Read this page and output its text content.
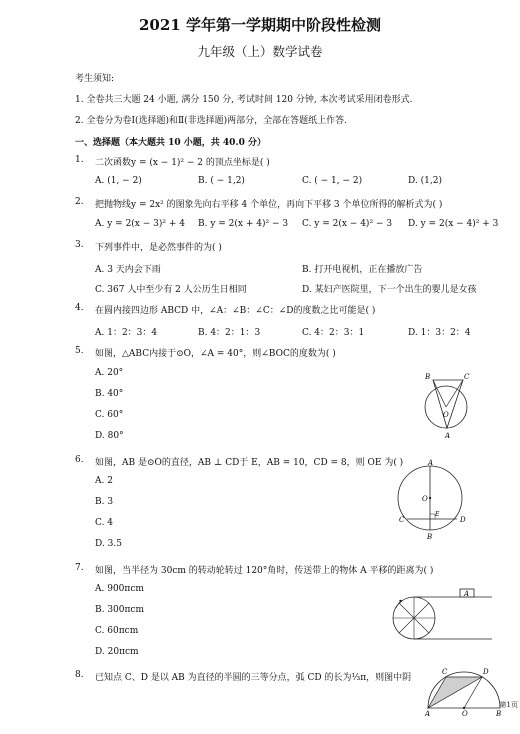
2021 学年第一学期期中阶段性检测
九年级（上）数学试卷
考生须知:
1. 全卷共三大题 24 小题, 满分 150 分, 考试时间 120 分钟, 本次考试采用闭卷形式.
2. 全卷分为卷Ⅰ(选择题)和Ⅱ(非选择题)两部分，全部在答题纸上作答.
一、选择题（本大题共 10 小题，共 40.0 分）
1. 二次函数y = (x − 1)² − 2 的顶点坐标是( )
A. (1, − 2)	B. ( − 1,2)	C. ( − 1, − 2)	D. (1,2)
2. 把抛物线y = 2x² 的图象先向右平移 4 个单位，再向下平移 3 个单位所得的解析式为( )
A. y = 2(x − 3)² + 4 B. y = 2(x + 4)² − 3 C. y = 2(x − 4)² − 3 D. y = 2(x − 4)² + 3
3. 下列事件中，是必然事件的为( )
A. 3 天内会下雨	B. 打开电视机，正在播放广告
C. 367 人中至少有 2 人公历生日相同	D. 某妇产医院里，下一个出生的婴儿是女孩
4. 在圆内接四边形 ABCD 中，∠A：∠B：∠C：∠D的度数之比可能是( )
A. 1：2：3：4	B. 4：2：1：3	C. 4：2：3：1	D. 1：3：2：4
5. 如图，△ABC内接于⊙O，∠A = 40°，则∠BOC的度数为( )
A. 20°
B. 40°
C. 60°
D. 80°
B	C
O
A
6. 如图，AB 是⊙O的直径，AB ⊥ CD于 E，AB = 10，CD = 8，则 OE 为( )
A. 2
B. 3
C. 4
D. 3.5
A
O
C
E
D
B
7. 如图，当半径为 30cm 的转动轮转过 120°角时，传送带上的物体 A 平移的距离为( )
A. 900πcm
B. 300πcm
C. 60πcm
D. 20πcm
A
8. 已知点 C、D 是以 AB 为直径的半圆的三等分点，弧 CD 的长为⅓π，则图中阴
C	D
A	O	B
第1页
